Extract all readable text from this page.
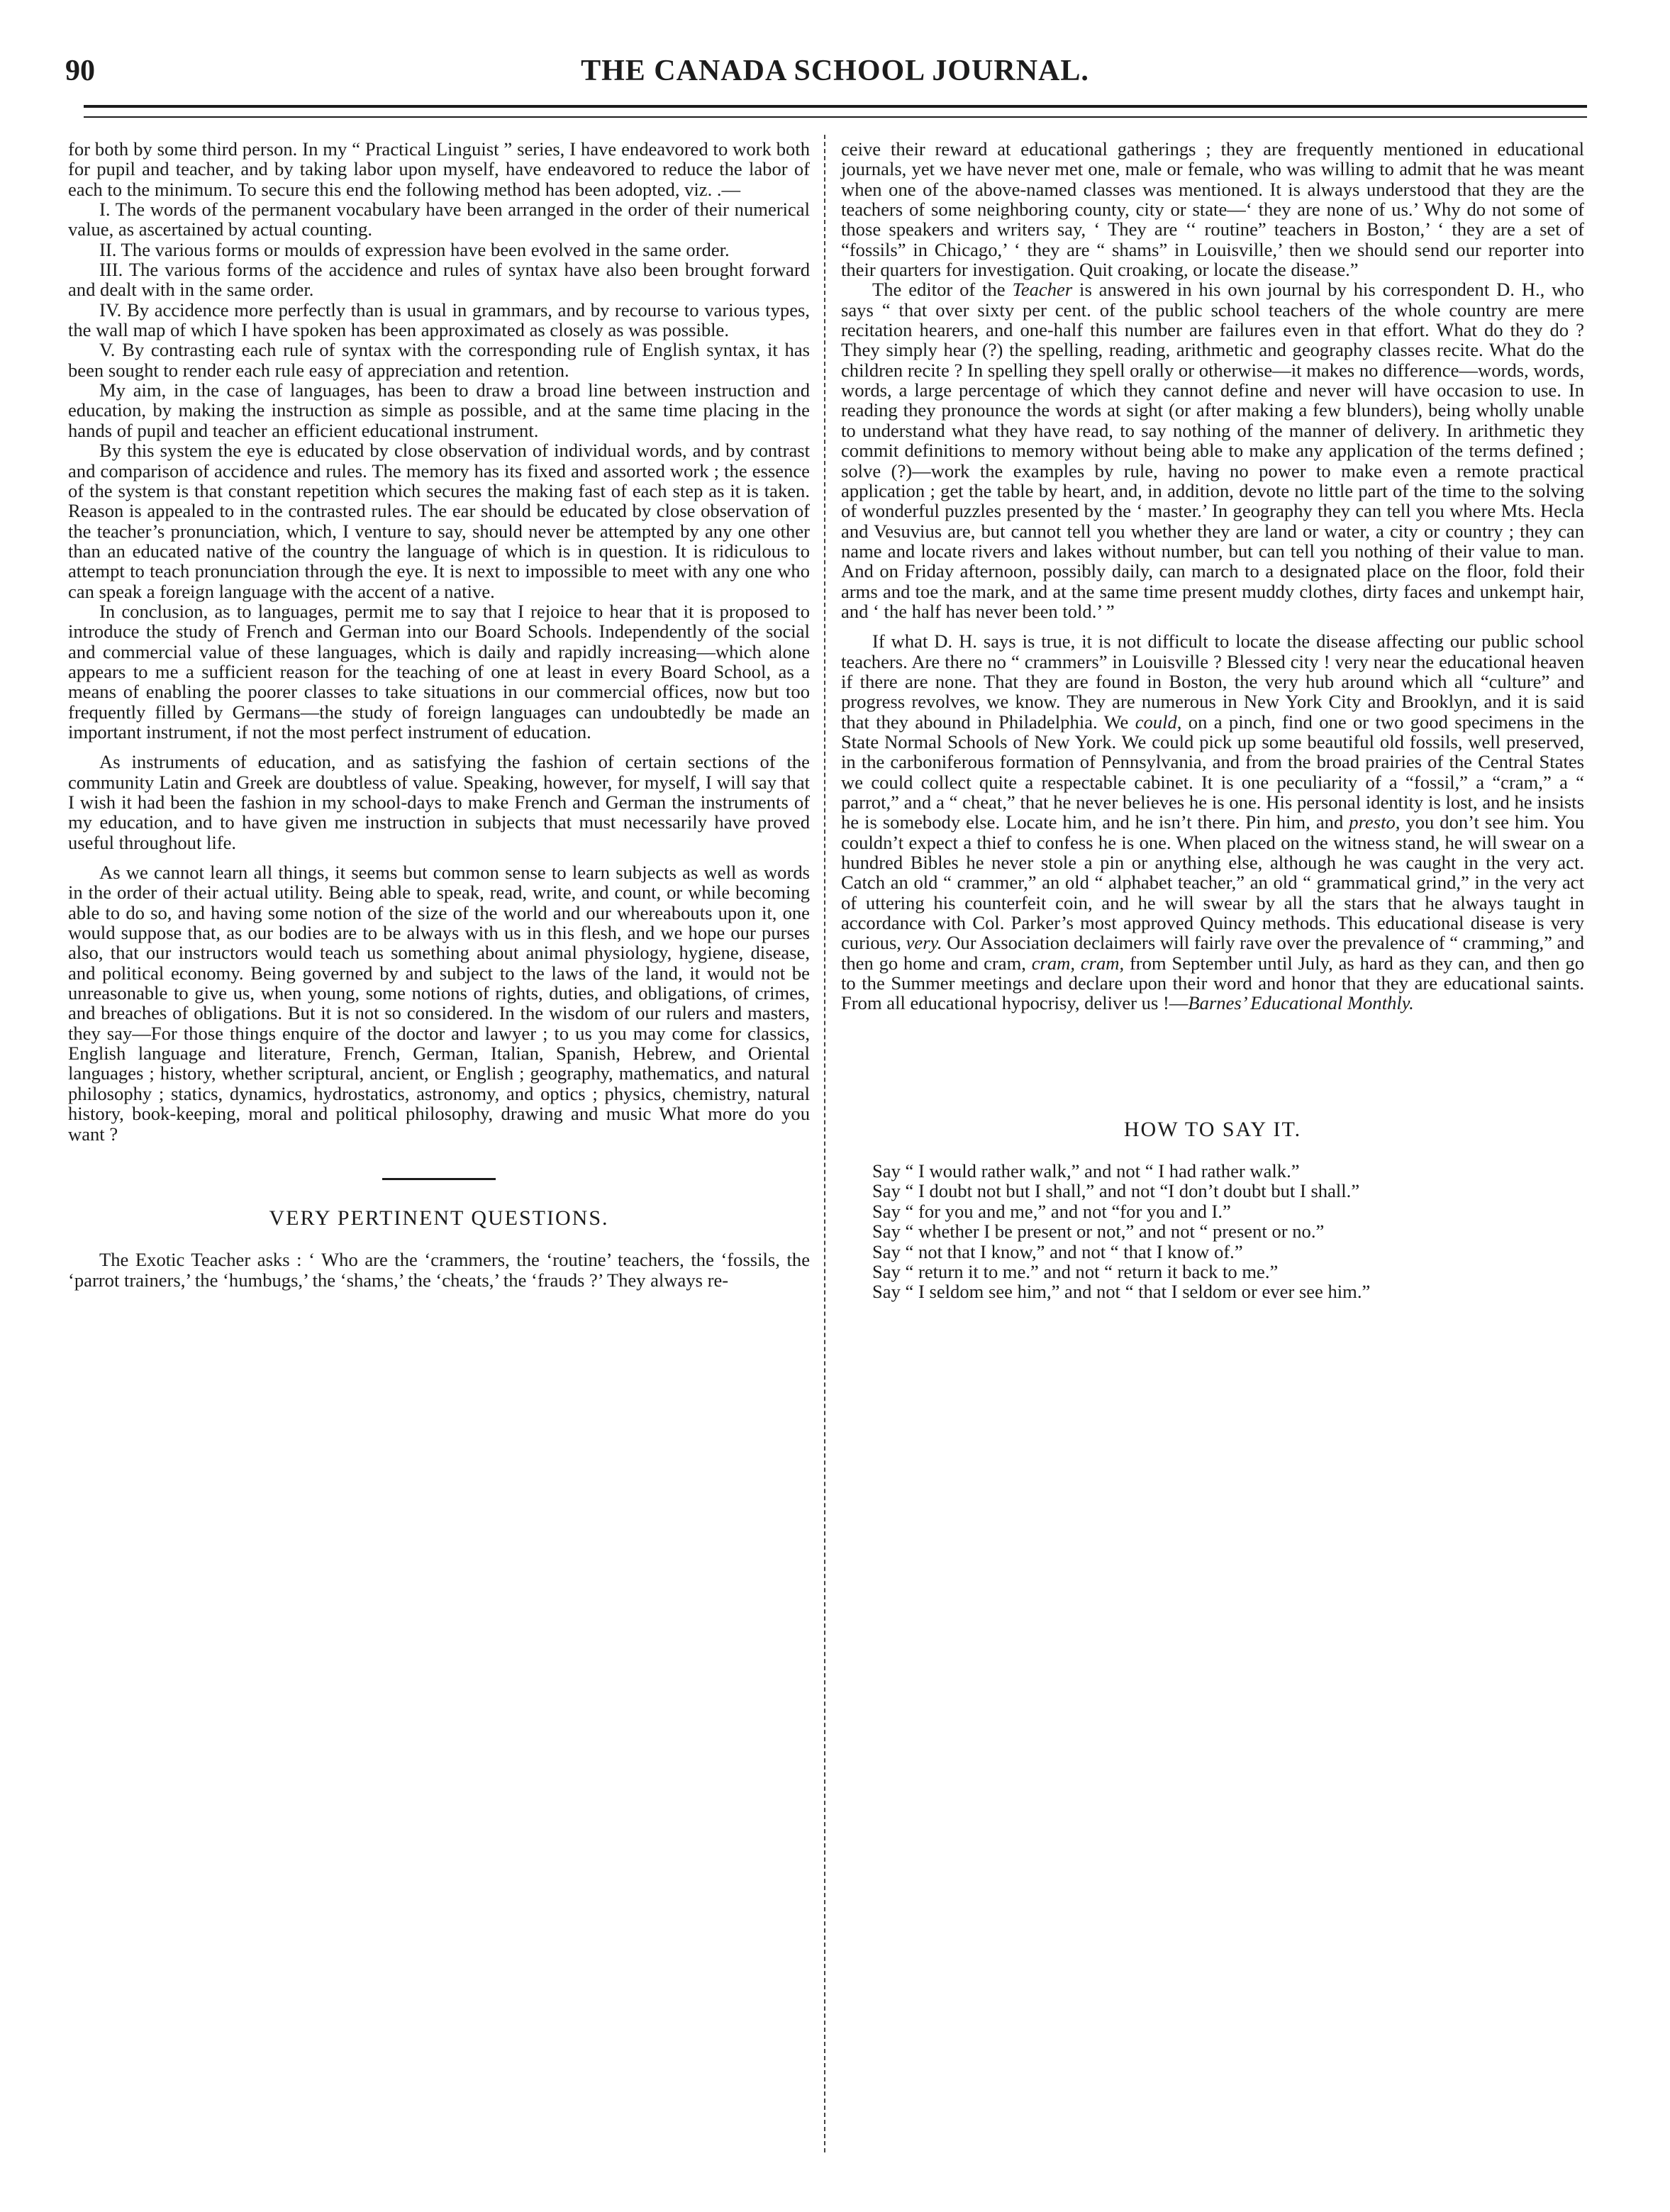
90	THE CANADA SCHOOL JOURNAL.

for both by some third person. In my “ Practical Linguist ” series, I have endeavored to work both for pupil and teacher, and by taking labor upon myself, have endeavored to reduce the labor of each to the minimum. To secure this end the following method has been adopted, viz. .—

I. The words of the permanent vocabulary have been arranged in the order of their numerical value, as ascertained by actual counting.

II. The various forms or moulds of expression have been evolved in the same order.

III. The various forms of the accidence and rules of syntax have also been brought forward and dealt with in the same order.

IV. By accidence more perfectly than is usual in grammars, and by recourse to various types, the wall map of which I have spoken has been approximated as closely as was possible.

V. By contrasting each rule of syntax with the corresponding rule of English syntax, it has been sought to render each rule easy of appreciation and retention.

My aim, in the case of languages, has been to draw a broad line between instruction and education, by making the instruction as simple as possible, and at the same time placing in the hands of pupil and teacher an efficient educational instrument.

By this system the eye is educated by close observation of individual words, and by contrast and comparison of accidence and rules. The memory has its fixed and assorted work ; the essence of the system is that constant repetition which secures the making fast of each step as it is taken. Reason is appealed to in the contrasted rules. The ear should be educated by close observation of the teacher’s pronunciation, which, I venture to say, should never be attempted by any one other than an educated native of the country the language of which is in question. It is ridiculous to attempt to teach pronunciation through the eye. It is next to impossible to meet with any one who can speak a foreign language with the accent of a native.

In conclusion, as to languages, permit me to say that I rejoice to hear that it is proposed to introduce the study of French and German into our Board Schools. Independently of the social and commercial value of these languages, which is daily and rapidly increasing—which alone appears to me a sufficient reason for the teaching of one at least in every Board School, as a means of enabling the poorer classes to take situations in our commercial offices, now but too frequently filled by Germans—the study of foreign languages can undoubtedly be made an important instrument, if not the most perfect instrument of education.

As instruments of education, and as satisfying the fashion of certain sections of the community Latin and Greek are doubtless of value. Speaking, however, for myself, I will say that I wish it had been the fashion in my school-days to make French and German the instruments of my education, and to have given me instruction in subjects that must necessarily have proved useful throughout life.

As we cannot learn all things, it seems but common sense to learn subjects as well as words in the order of their actual utility. Being able to speak, read, write, and count, or while becoming able to do so, and having some notion of the size of the world and our whereabouts upon it, one would suppose that, as our bodies are to be always with us in this flesh, and we hope our purses also, that our instructors would teach us something about animal physiology, hygiene, disease, and political economy. Being governed by and subject to the laws of the land, it would not be unreasonable to give us, when young, some notions of rights, duties, and obligations, of crimes, and breaches of obligations. But it is not so considered. In the wisdom of our rulers and masters, they say—For those things enquire of the doctor and lawyer ; to us you may come for classics, English language and literature, French, German, Italian, Spanish, Hebrew, and Oriental languages ; history, whether scriptural, ancient, or English ; geography, mathematics, and natural philosophy ; statics, dynamics, hydrostatics, astronomy, and optics ; physics, chemistry, natural history, book-keeping, moral and political philosophy, drawing and music What more do you want ?

VERY PERTINENT QUESTIONS.

The Exotic Teacher asks : ‘ Who are the ‘crammers, the ‘routine’ teachers, the ‘fossils, the ‘parrot trainers,’ the ‘humbugs,’ the ‘shams,’ the ‘cheats,’ the ‘frauds ?’ They always re-

ceive their reward at educational gatherings ; they are frequently mentioned in educational journals, yet we have never met one, male or female, who was willing to admit that he was meant when one of the above-named classes was mentioned. It is always understood that they are the teachers of some neighboring county, city or state—‘ they are none of us.’ Why do not some of those speakers and writers say, ‘ They are ‘‘ routine” teachers in Boston,’ ‘ they are a set of “fossils” in Chicago,’ ‘ they are “ shams” in Louisville,’ then we should send our reporter into their quarters for investigation. Quit croaking, or locate the disease.”

The editor of the Teacher is answered in his own journal by his correspondent D. H., who says “ that over sixty per cent. of the public school teachers of the whole country are mere recitation hearers, and one-half this number are failures even in that effort. What do they do ? They simply hear (?) the spelling, reading, arithmetic and geography classes recite. What do the children recite ? In spelling they spell orally or otherwise—it makes no difference—words, words, words, a large percentage of which they cannot define and never will have occasion to use. In reading they pronounce the words at sight (or after making a few blunders), being wholly unable to understand what they have read, to say nothing of the manner of delivery. In arithmetic they commit definitions to memory without being able to make any application of the terms defined ; solve (?)—work the examples by rule, having no power to make even a remote practical application ; get the table by heart, and, in addition, devote no little part of the time to the solving of wonderful puzzles presented by the ‘ master.’ In geography they can tell you where Mts. Hecla and Vesuvius are, but cannot tell you whether they are land or water, a city or country ; they can name and locate rivers and lakes without number, but can tell you nothing of their value to man. And on Friday afternoon, possibly daily, can march to a designated place on the floor, fold their arms and toe the mark, and at the same time present muddy clothes, dirty faces and unkempt hair, and ‘ the half has never been told.’ ”

If what D. H. says is true, it is not difficult to locate the disease affecting our public school teachers. Are there no “ crammers” in Louisville ? Blessed city ! very near the educational heaven if there are none. That they are found in Boston, the very hub around which all “culture” and progress revolves, we know. They are numerous in New York City and Brooklyn, and it is said that they abound in Philadelphia. We could, on a pinch, find one or two good specimens in the State Normal Schools of New York. We could pick up some beautiful old fossils, well preserved, in the carboniferous formation of Pennsylvania, and from the broad prairies of the Central States we could collect quite a respectable cabinet. It is one peculiarity of a “fossil,” a “cram,” a “ parrot,” and a “ cheat,” that he never believes he is one. His personal identity is lost, and he insists he is somebody else. Locate him, and he isn’t there. Pin him, and presto, you don’t see him. You couldn’t expect a thief to confess he is one. When placed on the witness stand, he will swear on a hundred Bibles he never stole a pin or anything else, although he was caught in the very act. Catch an old “ crammer,” an old “ alphabet teacher,” an old “ grammatical grind,” in the very act of uttering his counterfeit coin, and he will swear by all the stars that he always taught in accordance with Col. Parker’s most approved Quincy methods. This educational disease is very curious, very. Our Association declaimers will fairly rave over the prevalence of “ cramming,” and then go home and cram, cram, cram, from September until July, as hard as they can, and then go to the Summer meetings and declare upon their word and honor that they are educational saints. From all educational hypocrisy, deliver us !—Barnes’ Educational Monthly.

HOW TO SAY IT.

Say “ I would rather walk,” and not “ I had rather walk.”

Say “ I doubt not but I shall,” and not “I don’t doubt but I shall.”

Say “ for you and me,” and not “for you and I.”

Say “ whether I be present or not,” and not “ present or no.”

Say “ not that I know,” and not “ that I know of.”

Say “ return it to me.” and not “ return it back to me.”

Say “ I seldom see him,” and not “ that I seldom or ever see him.”
